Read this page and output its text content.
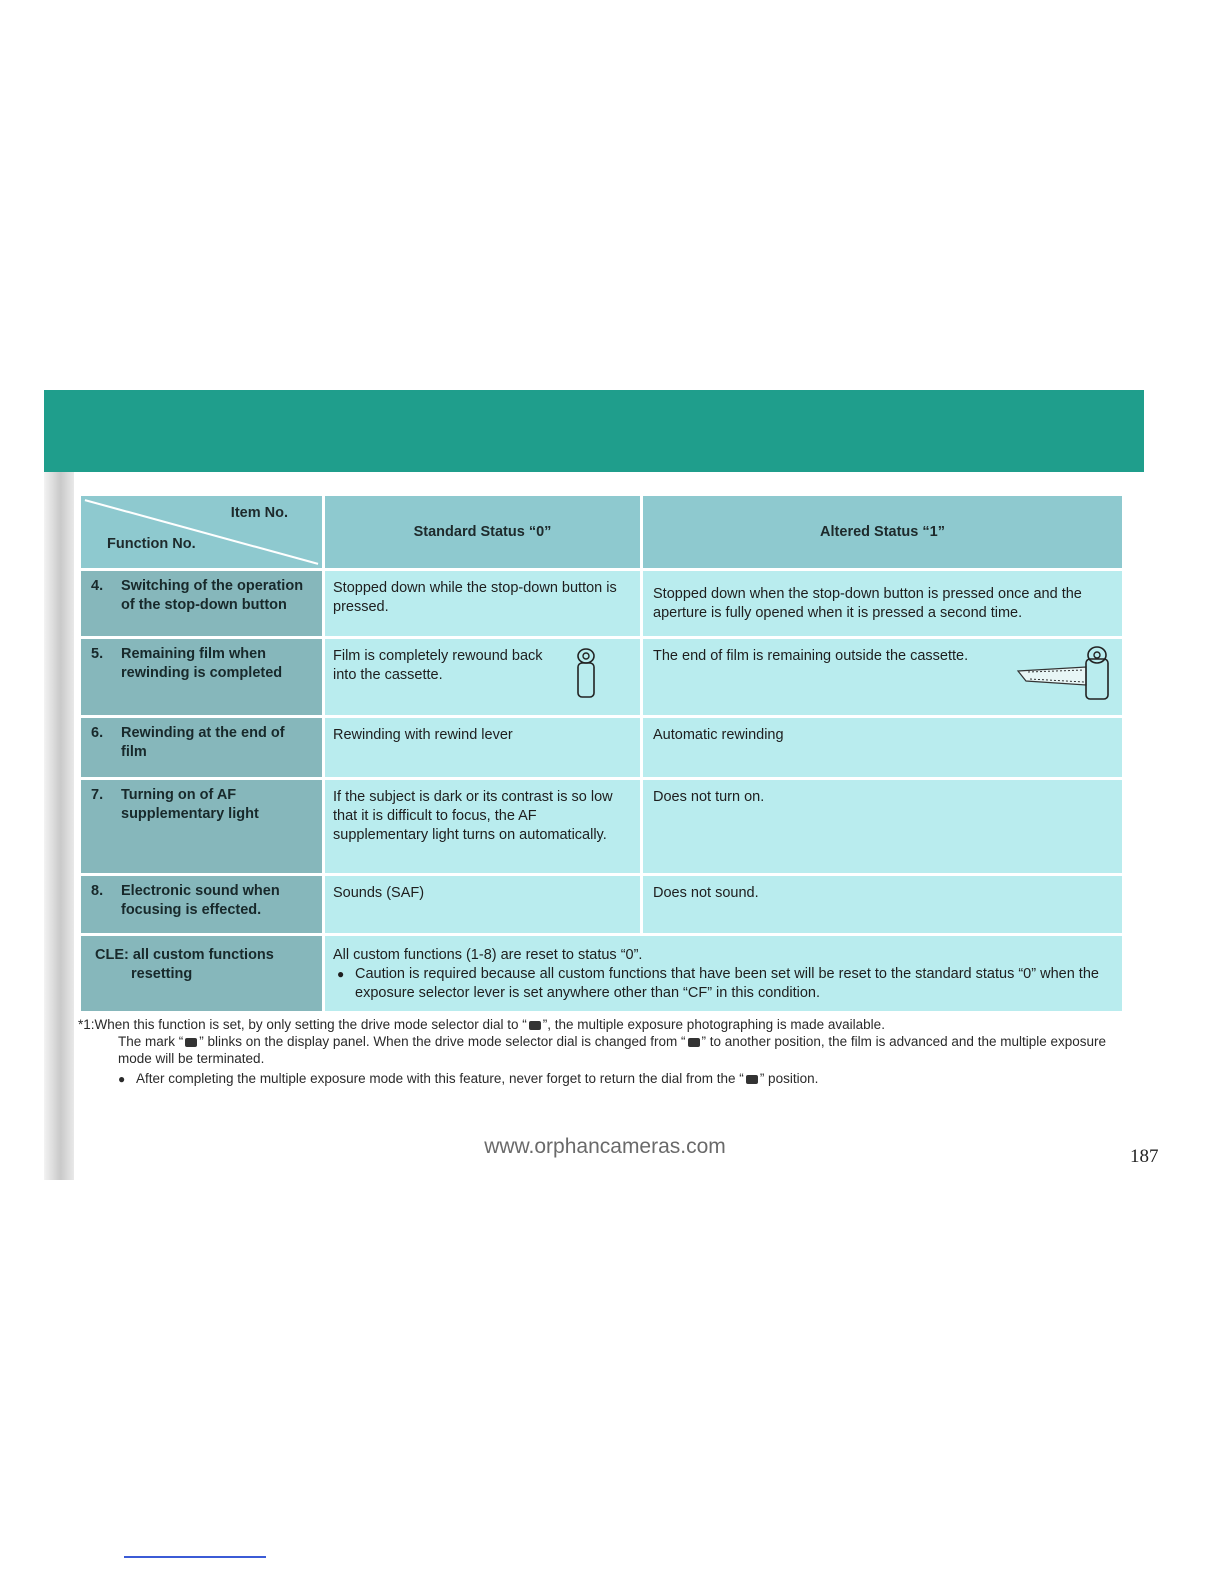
Item No.
Function No.	Standard Status “0”	Altered Status “1”
4. Switching of the operation of the stop-down button	Stopped down while the stop-down button is pressed.	Stopped down when the stop-down button is pressed once and the aperture is fully opened when it is pressed a second time.
5. Remaining film when rewinding is completed	Film is completely rewound back into the cassette.	The end of film is remaining outside the cassette.

6. Rewinding at the end of film	Rewinding with rewind lever	Automatic rewinding
7. Turning on of AF supplementary light	If the subject is dark or its contrast is so low that it is difficult to focus, the AF supplementary light turns on automatically.	Does not turn on.
8. Electronic sound when focusing is effected.	Sounds (SAF)	Does not sound.

CLE: all custom functions
resetting	All custom functions (1-8) are reset to status “0”.
● Caution is required because all custom functions that have been set will be reset to the standard status “0” when the exposure selector lever is set anywhere other than “CF” in this condition.	
*1:When this function is set, by only setting the drive mode selector dial to “ ”, the multiple exposure photographing is made available.
The mark “ ” blinks on the display panel. When the drive mode selector dial is changed from “ ” to another position, the film is advanced and the multiple exposure mode will be terminated.
● After completing the multiple exposure mode with this feature, never forget to return the dial from the “ ” position.
www.orphancameras.com	187
